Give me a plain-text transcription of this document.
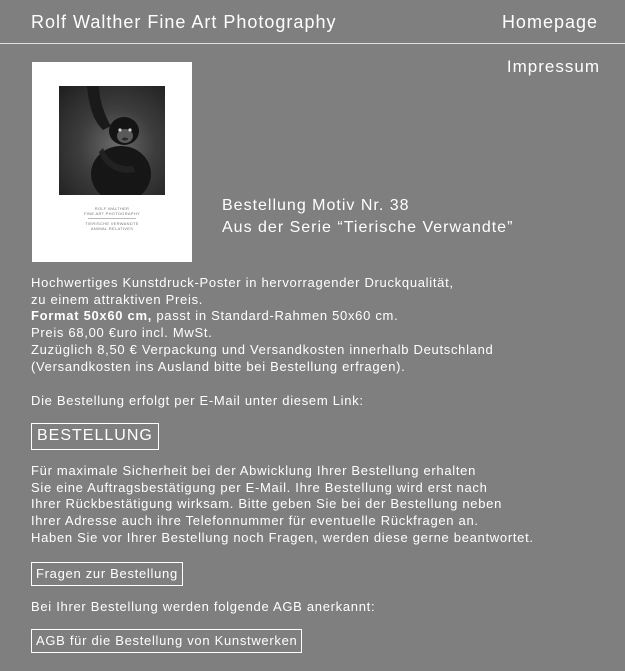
Rolf Walther Fine Art Photography	Homepage
Impressum
ROLF WALTHER
FINE ART PHOTOGRAPHY
TIERISCHE VERWANDTE
ANIMAL RELATIVES
Bestellung Motiv Nr. 38
Aus der Serie “Tierische Verwandte”
Hochwertiges Kunstdruck-Poster in hervorragender Druckqualität,
zu einem attraktiven Preis.
Format 50x60 cm, passt in Standard-Rahmen 50x60 cm.
Preis 68,00 €uro incl. MwSt.
Zuzüglich 8,50 € Verpackung und Versandkosten innerhalb Deutschland
(Versandkosten ins Ausland bitte bei Bestellung erfragen).
Die Bestellung erfolgt per E-Mail unter diesem Link:
BESTELLUNG
Für maximale Sicherheit bei der Abwicklung Ihrer Bestellung erhalten
Sie eine Auftragsbestätigung per E-Mail. Ihre Bestellung wird erst nach
Ihrer Rückbestätigung wirksam. Bitte geben Sie bei der Bestellung neben
Ihrer Adresse auch ihre Telefonnummer für eventuelle Rückfragen an.
Haben Sie vor Ihrer Bestellung noch Fragen, werden diese gerne beantwortet.
Fragen zur Bestellung
Bei Ihrer Bestellung werden folgende AGB anerkannt:
AGB für die Bestellung von Kunstwerken
